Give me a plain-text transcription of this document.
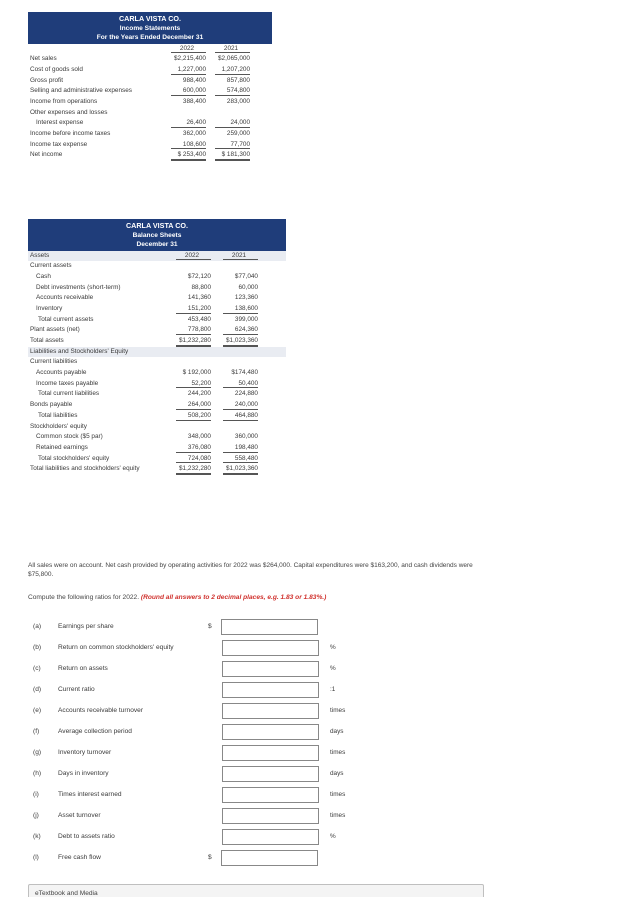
CARLA VISTA CO.
Income Statements
For the Years Ended December 31
2022	2021
Net sales	$2,215,400	$2,065,000
Cost of goods sold	1,227,000	1,207,200
Gross profit	988,400	857,800
Selling and administrative expenses	600,000	574,800
Income from operations	388,400	283,000
Other expenses and losses
Interest expense	26,400	24,000
Income before income taxes	362,000	259,000
Income tax expense	108,600	77,700
Net income	$ 253,400	$ 181,300
CARLA VISTA CO.
Balance Sheets
December 31
Assets	2022	2021
Current assets
Cash	$72,120	$77,040
Debt investments (short-term)	88,800	60,000
Accounts receivable	141,360	123,360
Inventory	151,200	138,600
Total current assets	453,480	399,000
Plant assets (net)	778,800	624,360
Total assets	$1,232,280	$1,023,360
Liabilities and Stockholders' Equity
Current liabilities
Accounts payable	$ 192,000	$174,480
Income taxes payable	52,200	50,400
Total current liabilities	244,200	224,880
Bonds payable	264,000	240,000
Total liabilities	508,200	464,880
Stockholders' equity
Common stock ($5 par)	348,000	360,000
Retained earnings	376,080	198,480
Total stockholders' equity	724,080	558,480
Total liabilities and stockholders' equity	$1,232,280	$1,023,360
All sales were on account. Net cash provided by operating activities for 2022 was $264,000. Capital expenditures were $163,200, and cash dividends were $75,800.
Compute the following ratios for 2022. (Round all answers to 2 decimal places, e.g. 1.83 or 1.83%.)
(a)	Earnings per share	$
(b)	Return on common stockholders' equity	%
(c)	Return on assets	%
(d)	Current ratio	:1
(e)	Accounts receivable turnover	times
(f)	Average collection period	days
(g)	Inventory turnover	times
(h)	Days in inventory	days
(i)	Times interest earned	times
(j)	Asset turnover	times
(k)	Debt to assets ratio	%
(l)	Free cash flow	$
eTextbook and Media
